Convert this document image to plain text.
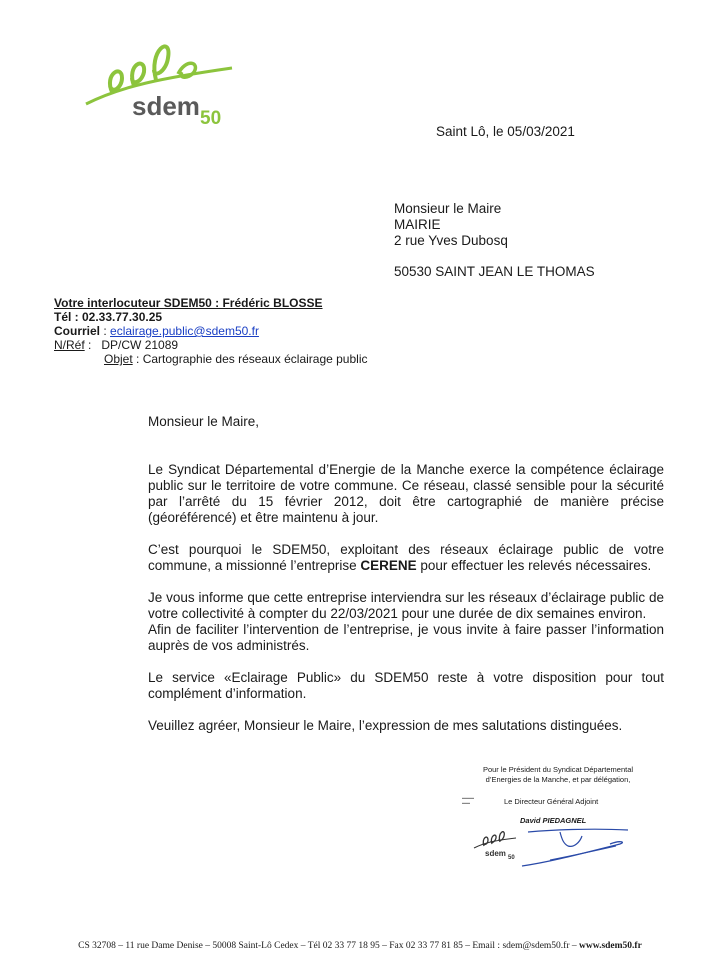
sdem 50
Saint Lô, le 05/03/2021
Monsieur le Maire
MAIRIE
2 rue Yves Dubosq
50530 SAINT JEAN LE THOMAS
Votre interlocuteur SDEM50 : Frédéric BLOSSE
Tél : 02.33.77.30.25
Courriel : eclairage.public@sdem50.fr
N/Réf : DP/CW 21089
Objet : Cartographie des réseaux éclairage public

Monsieur le Maire,

Le Syndicat Départemental d’Energie de la Manche exerce la compétence éclairage public sur le territoire de votre commune. Ce réseau, classé sensible pour la sécurité par l’arrêté du 15 février 2012, doit être cartographié de manière précise (géoréférencé) et être maintenu à jour.

C’est pourquoi le SDEM50, exploitant des réseaux éclairage public de votre commune, a missionné l’entreprise CERENE pour effectuer les relevés nécessaires.

Je vous informe que cette entreprise interviendra sur les réseaux d’éclairage public de votre collectivité à compter du 22/03/2021 pour une durée de dix semaines environ.

Afin de faciliter l’intervention de l’entreprise, je vous invite à faire passer l’information auprès de vos administrés.

Le service «Eclairage Public» du SDEM50 reste à votre disposition pour tout complément d’information.

Veuillez agréer, Monsieur le Maire, l’expression de mes salutations distinguées.

Pour le Président du Syndicat Départemental
d’Energies de la Manche, et par délégation,
▬▬▬
▬▬	Le Directeur Général Adjoint
David PIEDAGNEL
sdem 50
CS 32708 – 11 rue Dame Denise – 50008 Saint-Lô Cedex – Tél 02 33 77 18 95 – Fax 02 33 77 81 85 – Email : sdem@sdem50.fr – www.sdem50.fr
